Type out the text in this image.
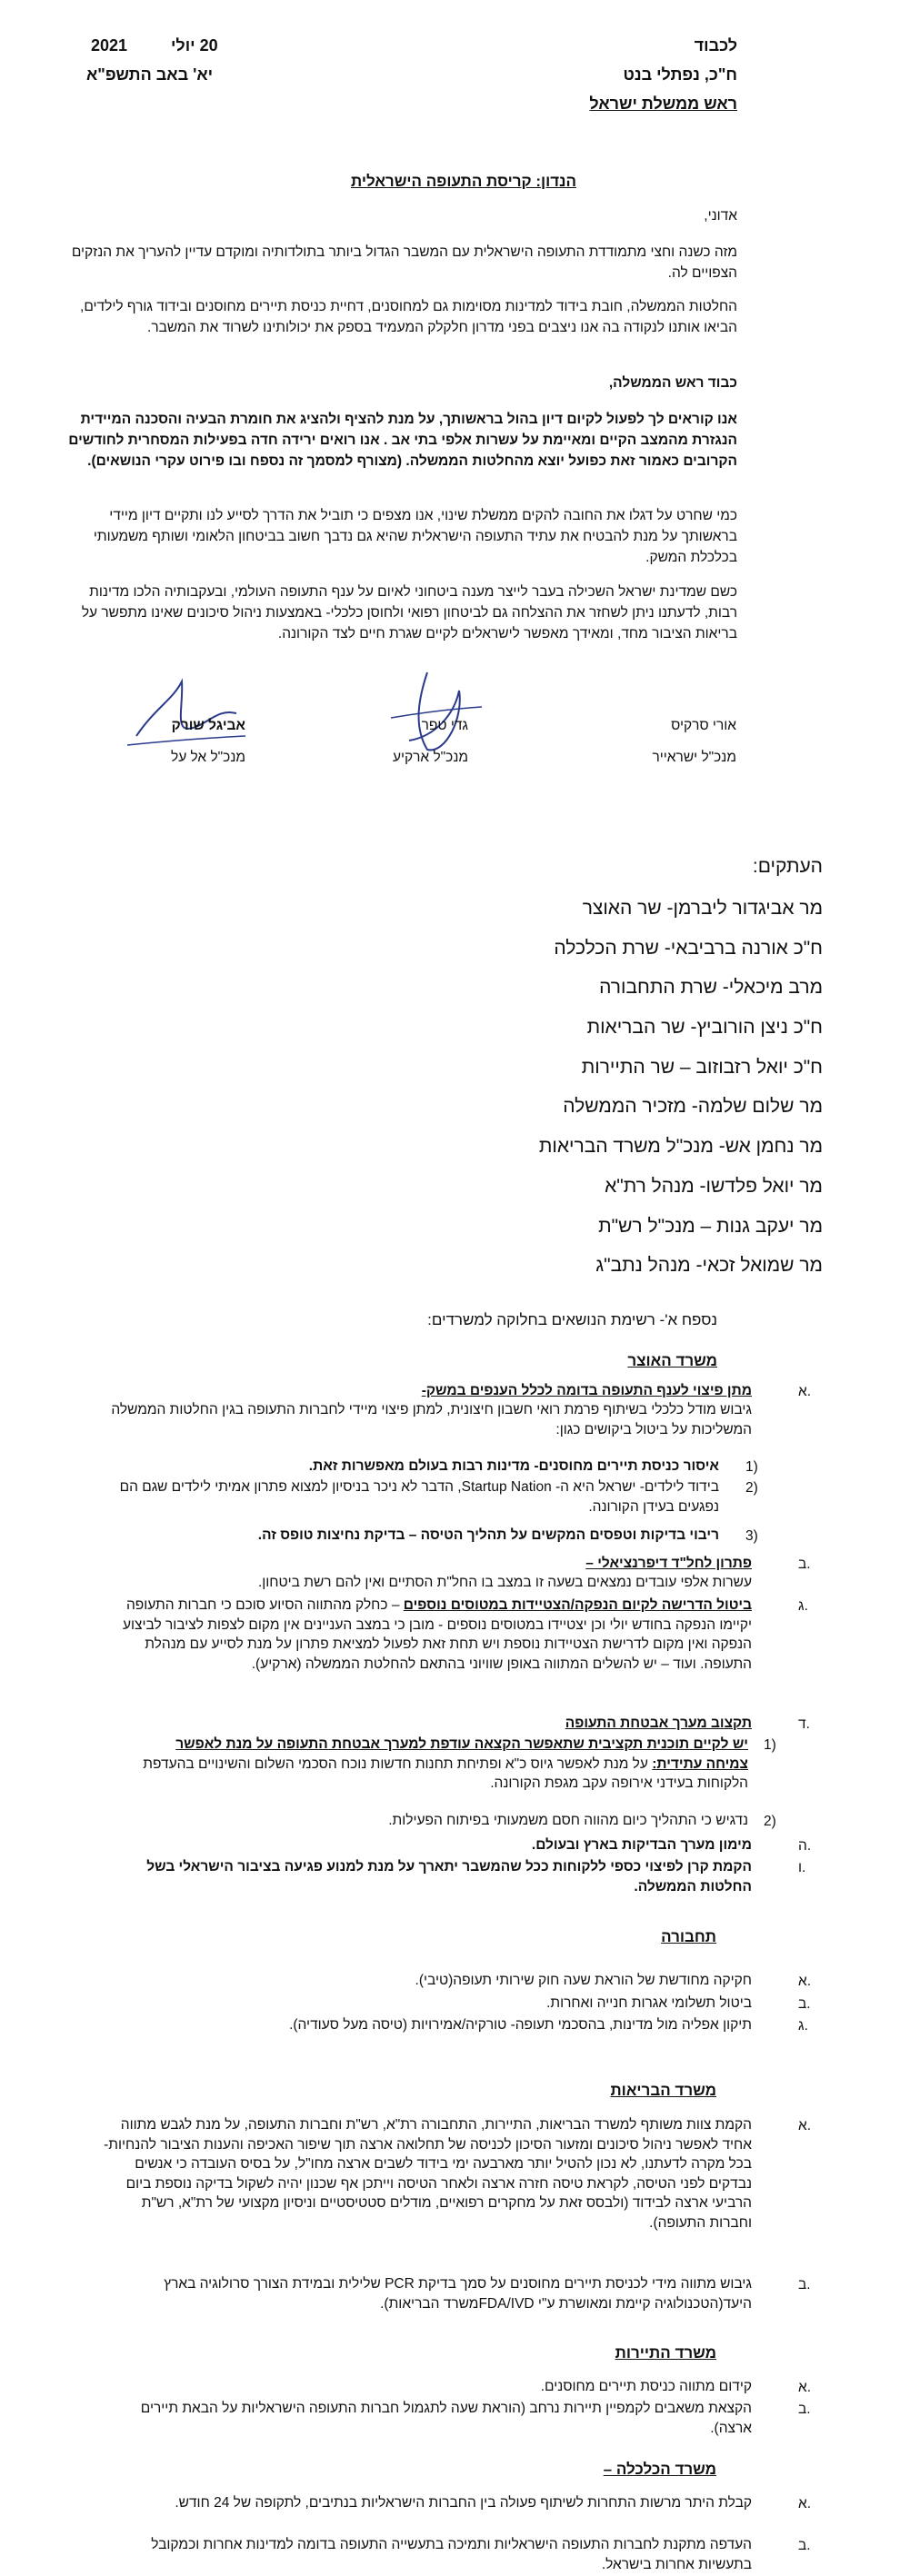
2021	20 יולי
יא' באב התשפ"א
לכבוד
ח"כ, נפתלי בנט
ראש ממשלת ישראל
הנדון: קריסת התעופה הישראלית
אדוני,
מזה כשנה וחצי מתמודדת התעופה הישראלית עם המשבר הגדול ביותר בתולדותיה ומוקדם עדיין להעריך את הנזקים הצפויים לה.
החלטות הממשלה, חובת בידוד למדינות מסוימות גם למחוסנים, דחיית כניסת תיירים מחוסנים ובידוד גורף לילדים, הביאו אותנו לנקודה בה אנו ניצבים בפני מדרון חלקלק המעמיד בספק את יכולותינו לשרוד את המשבר.
כבוד ראש הממשלה,
אנו קוראים לך לפעול לקיום דיון בהול בראשותך, על מנת להציף ולהציג את חומרת הבעיה והסכנה המיידית הנגזרת מהמצב הקיים ומאיימת על עשרות אלפי בתי אב . אנו רואים ירידה חדה בפעילות המסחרית לחודשים הקרובים כאמור זאת כפועל יוצא מהחלטות הממשלה. (מצורף למסמך זה נספח ובו פירוט עקרי הנושאים).
כמי שחרט על דגלו את החובה להקים ממשלת שינוי, אנו מצפים כי תוביל את הדרך לסייע לנו ותקיים דיון מיידי בראשותך על מנת להבטיח את עתיד התעופה הישראלית שהיא גם נדבך חשוב בביטחון הלאומי ושותף משמעותי בכלכלת המשק.
כשם שמדינת ישראל השכילה בעבר לייצר מענה ביטחוני לאיום על ענף התעופה העולמי, ובעקבותיה הלכו מדינות רבות, לדעתנו ניתן לשחזר את ההצלחה גם לביטחון רפואי ולחוסן כלכלי- באמצעות ניהול סיכונים שאינו מתפשר על בריאות הציבור מחד, ומאידך מאפשר לישראלים לקיים שגרת חיים לצד הקורונה.
אביגל שורק
מנכ"ל אל על
גדי טפר
מנכ"ל ארקיע
אורי סרקיס
מנכ"ל ישראייר
העתקים:
מר אביגדור ליברמן- שר האוצר
ח"כ אורנה ברביבאי- שרת הכלכלה
מרב מיכאלי- שרת התחבורה
ח"כ ניצן הורוביץ- שר הבריאות
ח"כ יואל רזבוזוב – שר התיירות
מר שלום שלמה- מזכיר הממשלה
מר נחמן אש- מנכ"ל משרד הבריאות
מר יואל פלדשו- מנהל רת"א
מר יעקב גנות – מנכ"ל רש"ת
מר שמואל זכאי- מנהל נתב"ג
נספח א'- רשימת הנושאים בחלוקה למשרדים:
משרד האוצר
א.
מתן פיצוי לענף התעופה בדומה לכלל הענפים במשק-
גיבוש מודל כלכלי בשיתוף פרמת רואי חשבון חיצונית, למתן פיצוי מיידי לחברות התעופה בגין החלטות הממשלה המשליכות על ביטול ביקושים כגון:
1)
איסור כניסת תיירים מחוסנים- מדינות רבות בעולם מאפשרות זאת.
2)
בידוד לילדים- ישראל היא ה- Startup Nation, הדבר לא ניכר בניסיון למצוא פתרון אמיתי לילדים שגם הם נפגעים בעידן הקורונה.
3)
ריבוי בדיקות וטפסים המקשים על תהליך הטיסה – בדיקת נחיצות טופס זה.
ב.
פתרון לחל"ד דיפרנציאלי –
עשרות אלפי עובדים נמצאים בשעה זו במצב בו החל"ת הסתיים ואין להם רשת ביטחון.
ג.
ביטול הדרישה לקיום הנפקה/הצטיידות במטוסים נוספים – כחלק מהתווה הסיוע סוכם כי חברות התעופה יקיימו הנפקה בחודש יולי וכן יצטיידו במטוסים נוספים - מובן כי במצב העניינים אין מקום לצפות לציבור לביצוע הנפקה ואין מקום לדרישת הצטיידות נוספת ויש תחת זאת לפעול למציאת פתרון על מנת לסייע עם מנהלת התעופה. ועוד – יש להשלים המתווה באופן שוויוני בהתאם להחלטת הממשלה (ארקיע).
ד.
תקצוב מערך אבטחת התעופה
1)
יש לקיים תוכנית תקציבית שתאפשר הקצאה עודפת למערך אבטחת התעופה על מנת לאפשר צמיחה עתידית: על מנת לאפשר גיוס כ"א ופתיחת תחנות חדשות נוכח הסכמי השלום והשינויים בהעדפת הלקוחות בעידני אירופה עקב מגפת הקורונה.
2)
נדגיש כי התהליך כיום מהווה חסם משמעותי בפיתוח הפעילות.
ה.
מימון מערך הבדיקות בארץ ובעולם.
ו.
הקמת קרן לפיצוי כספי ללקוחות ככל שהמשבר יתארך על מנת למנוע פגיעה בציבור הישראלי בשל החלטות הממשלה.
תחבורה
א.
חקיקה מחודשת של הוראת שעה חוק שירותי תעופה(טיבי).
ב.
ביטול תשלומי אגרות חנייה ואחרות.
ג.
תיקון אפליה מול מדינות, בהסכמי תעופה- טורקיה/אמירויות (טיסה מעל סעודיה).
משרד הבריאות
א.
הקמת צוות משותף למשרד הבריאות, התיירות, התחבורה רת"א, רש"ת וחברות התעופה, על מנת לגבש מתווה אחיד לאפשר ניהול סיכונים ומזעור הסיכון לכניסה של תחלואה ארצה תוך שיפור האכיפה והענות הציבור להנחיות- בכל מקרה לדעתנו, לא נכון להטיל יותר מארבעה ימי בידוד לשבים ארצה מחו"ל, על בסיס העובדה כי אנשים נבדקים לפני הטיסה, לקראת טיסה חזרה ארצה ולאחר הטיסה וייתכן אף שכנון יהיה לשקול בדיקה נוספת ביום הרביעי ארצה לבידוד (ולבסס זאת על מחקרים רפואיים, מודלים סטטיסטיים וניסיון מקצועי של רת"א, רש"ת וחברות התעופה).
ב.
גיבוש מתווה מידי לכניסת תיירים מחוסנים על סמך בדיקת PCR שלילית ובמידת הצורך סרולוגיה בארץ היעד(הטכנולוגיה קיימת ומאושרת ע"י FDA/IVDמשרד הבריאות).
משרד התיירות
א.
קידום מתווה כניסת תיירים מחוסנים.
ב.
הקצאת משאבים לקמפיין תיירות נרחב (הוראת שעה לתגמול חברות התעופה הישראליות על הבאת תיירים ארצה).
משרד הכלכלה –
א.
קבלת היתר מרשות התחרות לשיתוף פעולה בין החברות הישראליות בנתיבים, לתקופה של 24 חודש.
ב.
העדפה מתקנת לחברות התעופה הישראליות ותמיכה בתעשייה התעופה בדומה למדינות אחרות וכמקובל בתעשיות אחרות בישראל.
